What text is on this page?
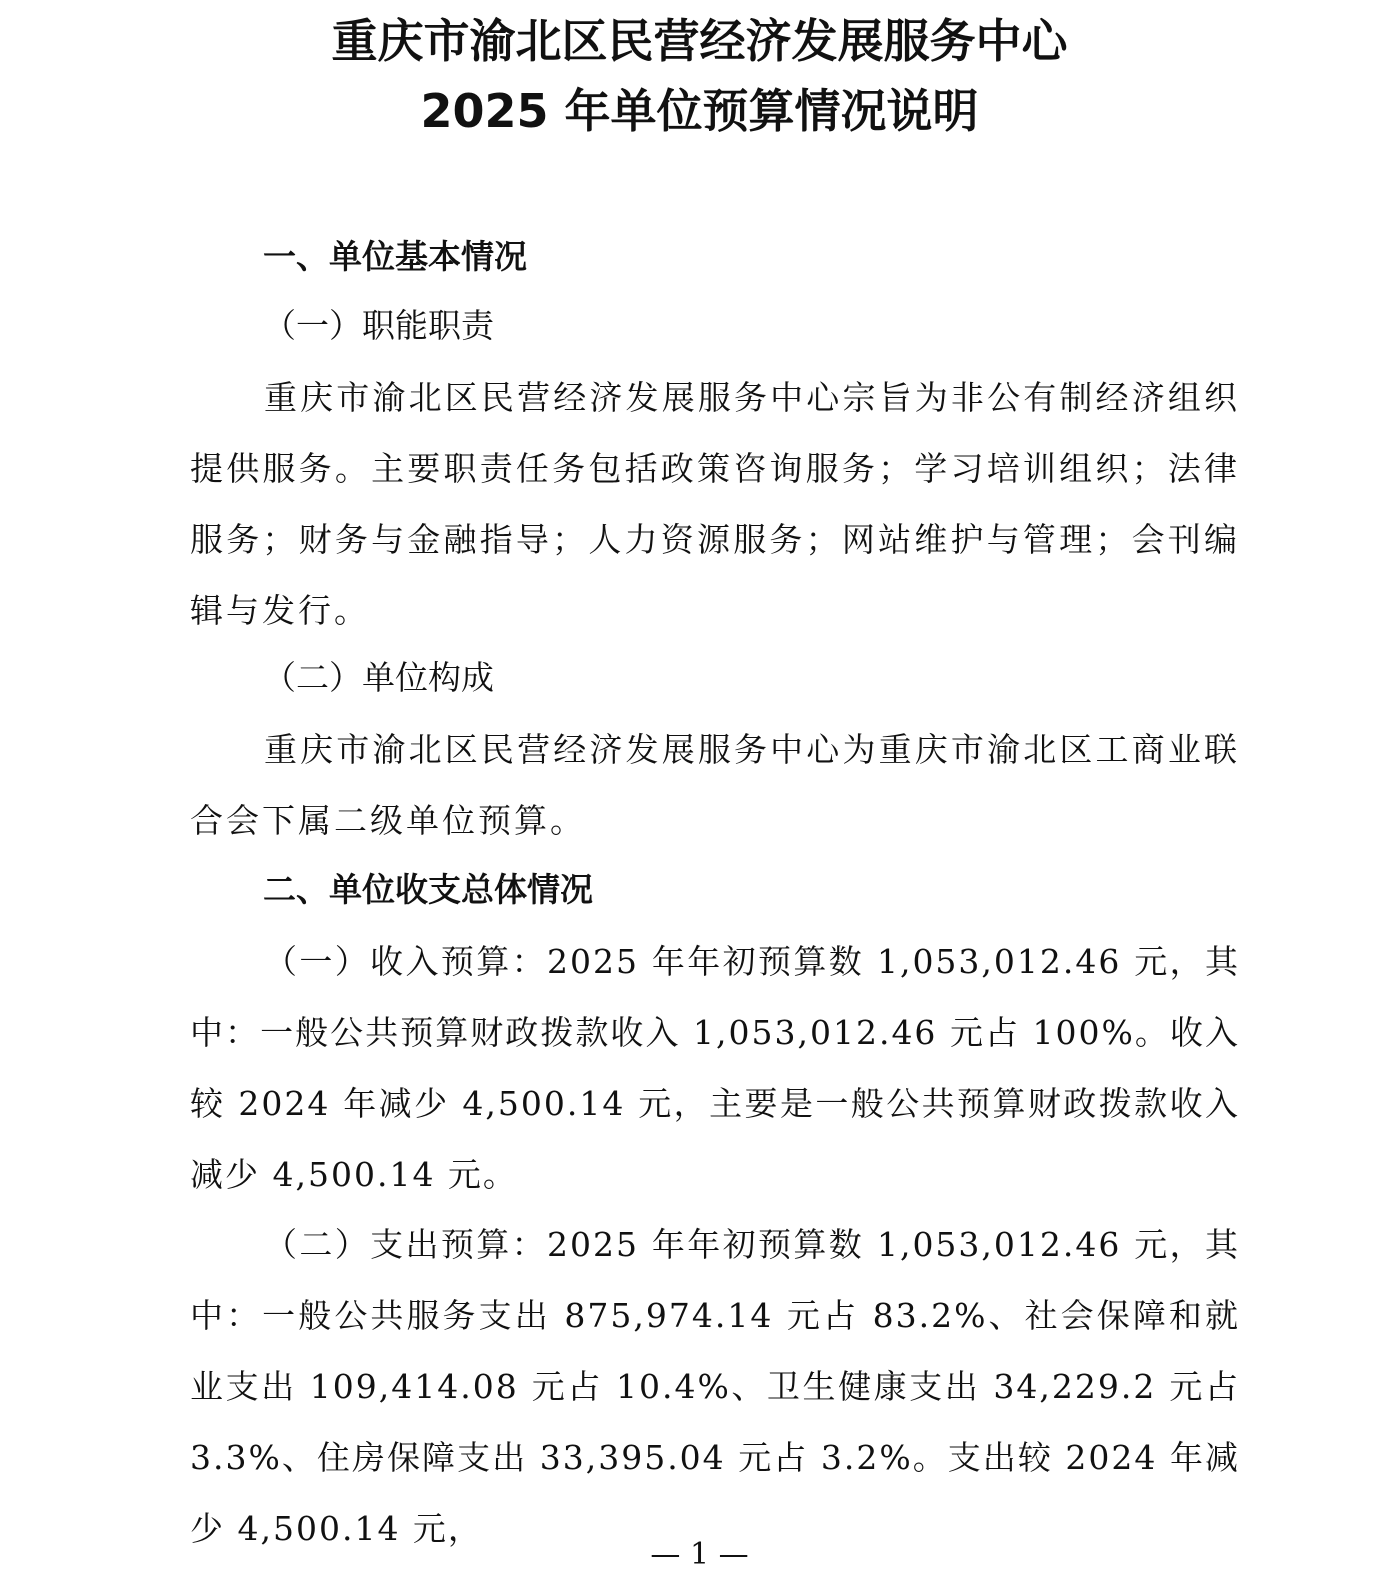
重庆市渝北区民营经济发展服务中心
2025 年单位预算情况说明
一、单位基本情况
（一）职能职责

重庆市渝北区民营经济发展服务中心宗旨为非公有制经济组织提供服务。主要职责任务包括政策咨询服务；学习培训组织；法律服务；财务与金融指导；人力资源服务；网站维护与管理；会刊编辑与发行。

（二）单位构成

重庆市渝北区民营经济发展服务中心为重庆市渝北区工商业联合会下属二级单位预算。

二、单位收支总体情况

（一）收入预算：2025 年年初预算数 1,053,012.46 元，其中：一般公共预算财政拨款收入 1,053,012.46 元占 100%。收入较 2024 年减少 4,500.14 元，主要是一般公共预算财政拨款收入减少 4,500.14 元。

（二）支出预算：2025 年年初预算数 1,053,012.46 元，其中：一般公共服务支出 875,974.14 元占 83.2%、社会保障和就业支出 109,414.08 元占 10.4%、卫生健康支出 34,229.2 元占 3.3%、住房保障支出 33,395.04 元占 3.2%。支出较 2024 年减少 4,500.14 元，

— 1 —
